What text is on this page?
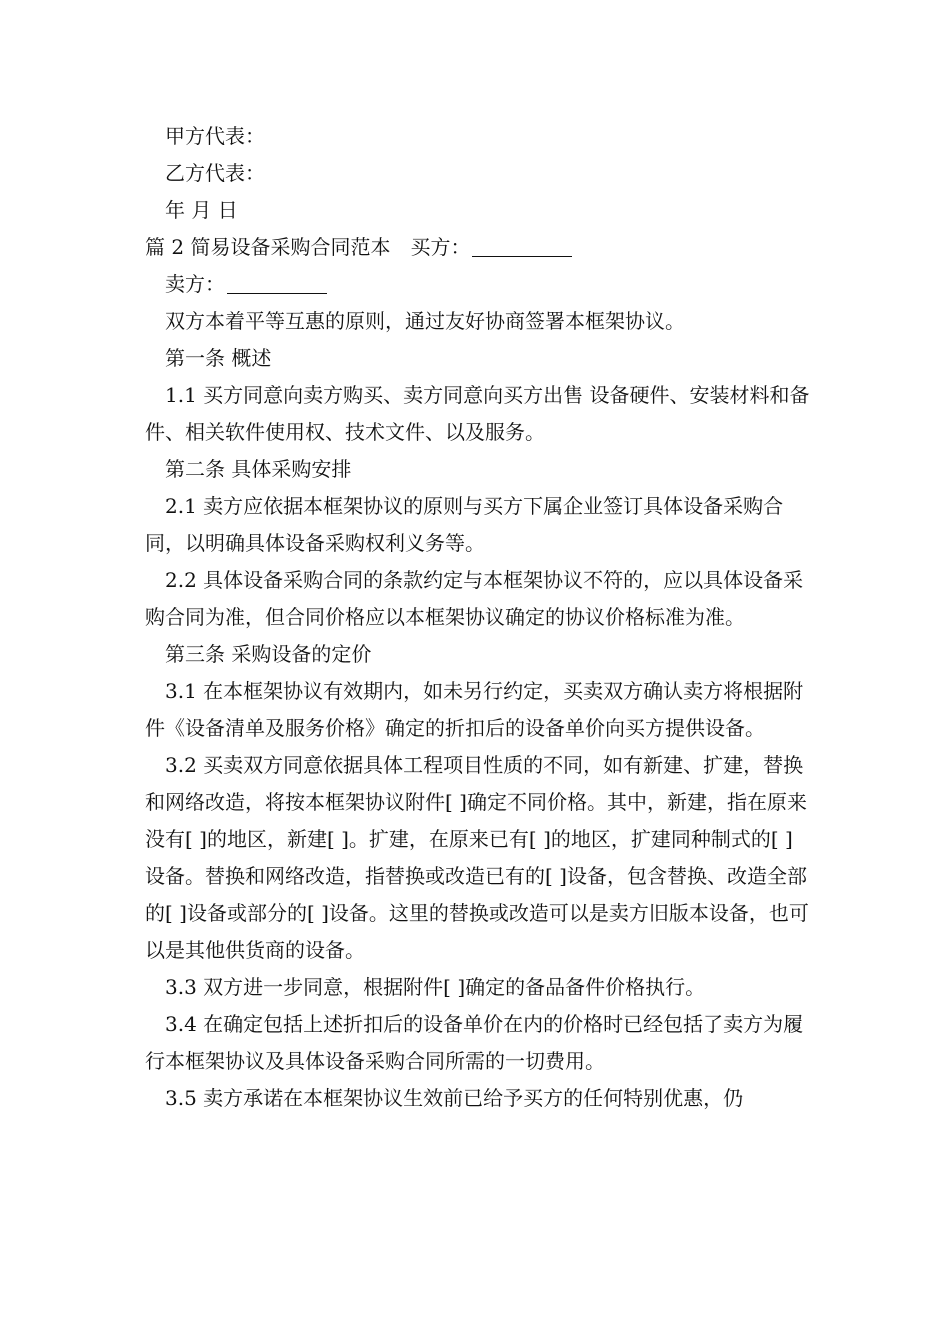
甲方代表：

乙方代表：

年 月 日

篇 2 简易设备采购合同范本 买方：

卖方：

双方本着平等互惠的原则，通过友好协商签署本框架协议。

第一条 概述

1.1 买方同意向卖方购买、卖方同意向买方出售 设备硬件、安装材料和备件、相关软件使用权、技术文件、以及服务。

第二条 具体采购安排

2.1 卖方应依据本框架协议的原则与买方下属企业签订具体设备采购合同，以明确具体设备采购权利义务等。

2.2 具体设备采购合同的条款约定与本框架协议不符的，应以具体设备采购合同为准，但合同价格应以本框架协议确定的协议价格标准为准。

第三条 采购设备的定价

3.1 在本框架协议有效期内，如未另行约定，买卖双方确认卖方将根据附件《设备清单及服务价格》确定的折扣后的设备单价向买方提供设备。

3.2 买卖双方同意依据具体工程项目性质的不同，如有新建、扩建，替换和网络改造，将按本框架协议附件[ ]确定不同价格。其中，新建，指在原来没有[ ]的地区，新建[ ]。扩建，在原来已有[ ]的地区，扩建同种制式的[ ]设备。替换和网络改造，指替换或改造已有的[ ]设备，包含替换、改造全部的[ ]设备或部分的[ ]设备。这里的替换或改造可以是卖方旧版本设备，也可以是其他供货商的设备。

3.3 双方进一步同意，根据附件[ ]确定的备品备件价格执行。

3.4 在确定包括上述折扣后的设备单价在内的价格时已经包括了卖方为履行本框架协议及具体设备采购合同所需的一切费用。

3.5 卖方承诺在本框架协议生效前已给予买方的任何特别优惠，仍
